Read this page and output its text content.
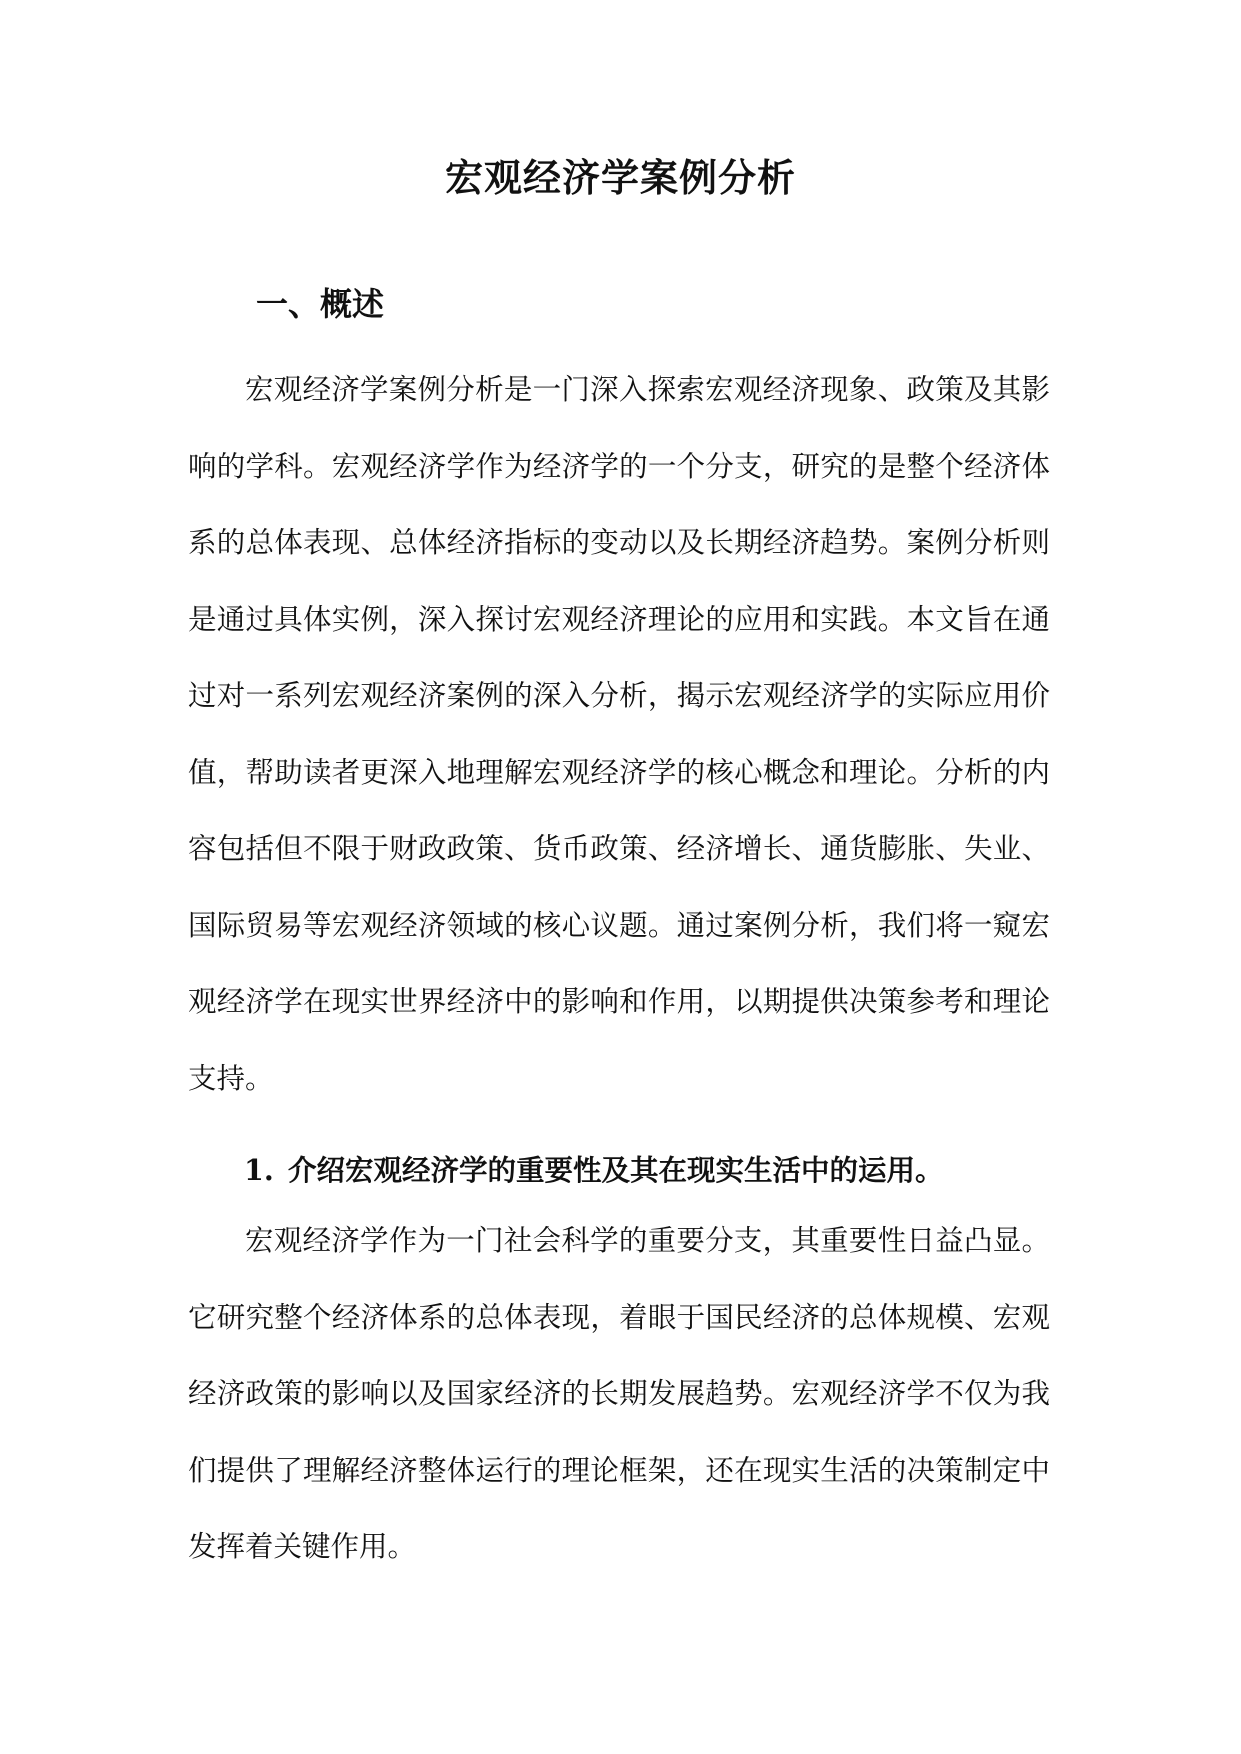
宏观经济学案例分析
一、概述

宏观经济学案例分析是一门深入探索宏观经济现象、政策及其影响的学科。宏观经济学作为经济学的一个分支，研究的是整个经济体系的总体表现、总体经济指标的变动以及长期经济趋势。案例分析则是通过具体实例，深入探讨宏观经济理论的应用和实践。本文旨在通过对一系列宏观经济案例的深入分析，揭示宏观经济学的实际应用价值，帮助读者更深入地理解宏观经济学的核心概念和理论。分析的内容包括但不限于财政政策、货币政策、经济增长、通货膨胀、失业、国际贸易等宏观经济领域的核心议题。通过案例分析，我们将一窥宏观经济学在现实世界经济中的影响和作用，以期提供决策参考和理论支持。

1. 介绍宏观经济学的重要性及其在现实生活中的运用。

宏观经济学作为一门社会科学的重要分支，其重要性日益凸显。它研究整个经济体系的总体表现，着眼于国民经济的总体规模、宏观经济政策的影响以及国家经济的长期发展趋势。宏观经济学不仅为我们提供了理解经济整体运行的理论框架，还在现实生活的决策制定中发挥着关键作用。
